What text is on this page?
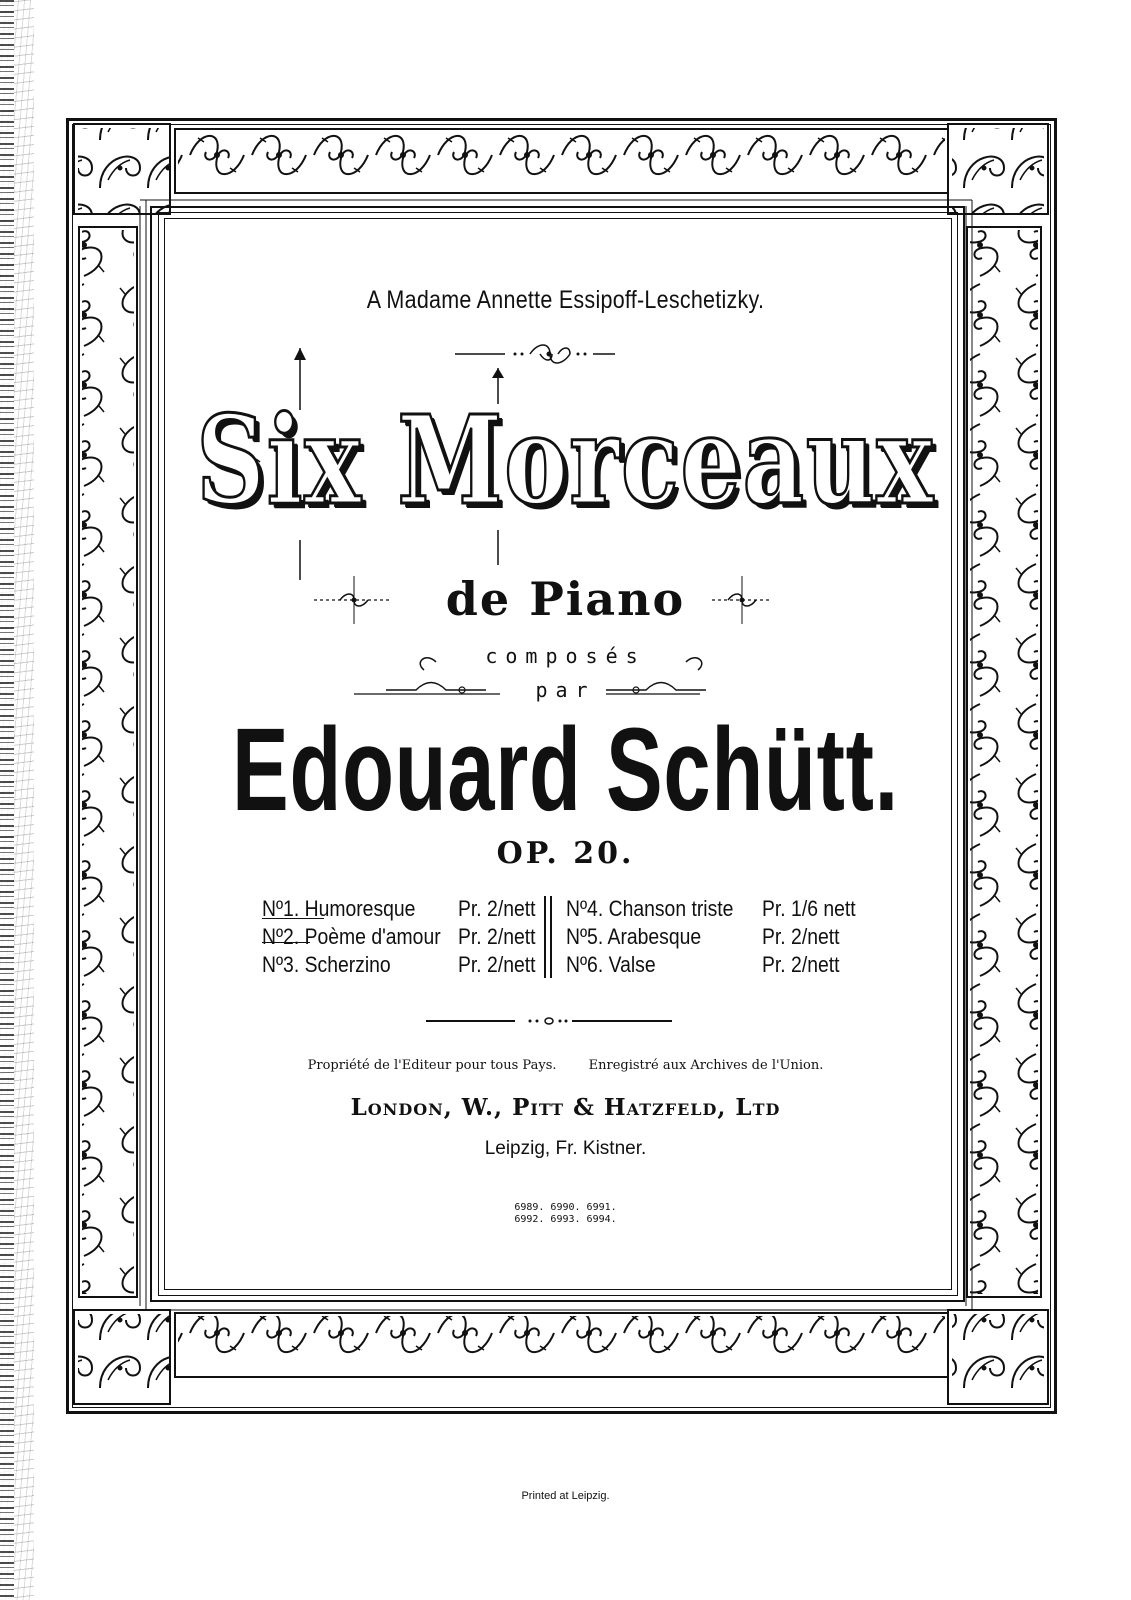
A Madame Annette Essipoff-Leschetizky.
Six Morceaux
de Piano
composés
par
Edouard Schütt.
OP. 20.
Nº1. Humoresque Pr. 2/nett
Nº2. Poème d'amour Pr. 2/nett
Nº3. Scherzino	Pr. 2/nett
Nº4. Chanson triste Pr. 1/6 nett
Nº5. Arabesque	Pr. 2/nett
Nº6. Valse	Pr. 2/nett
Propriété de l'Editeur pour tous Pays. Enregistré aux Archives de l'Union.
London, W., Pitt & Hatzfeld, Ltd
Leipzig, Fr. Kistner.
6989. 6990. 6991.
6992. 6993. 6994.
Printed at Leipzig.
